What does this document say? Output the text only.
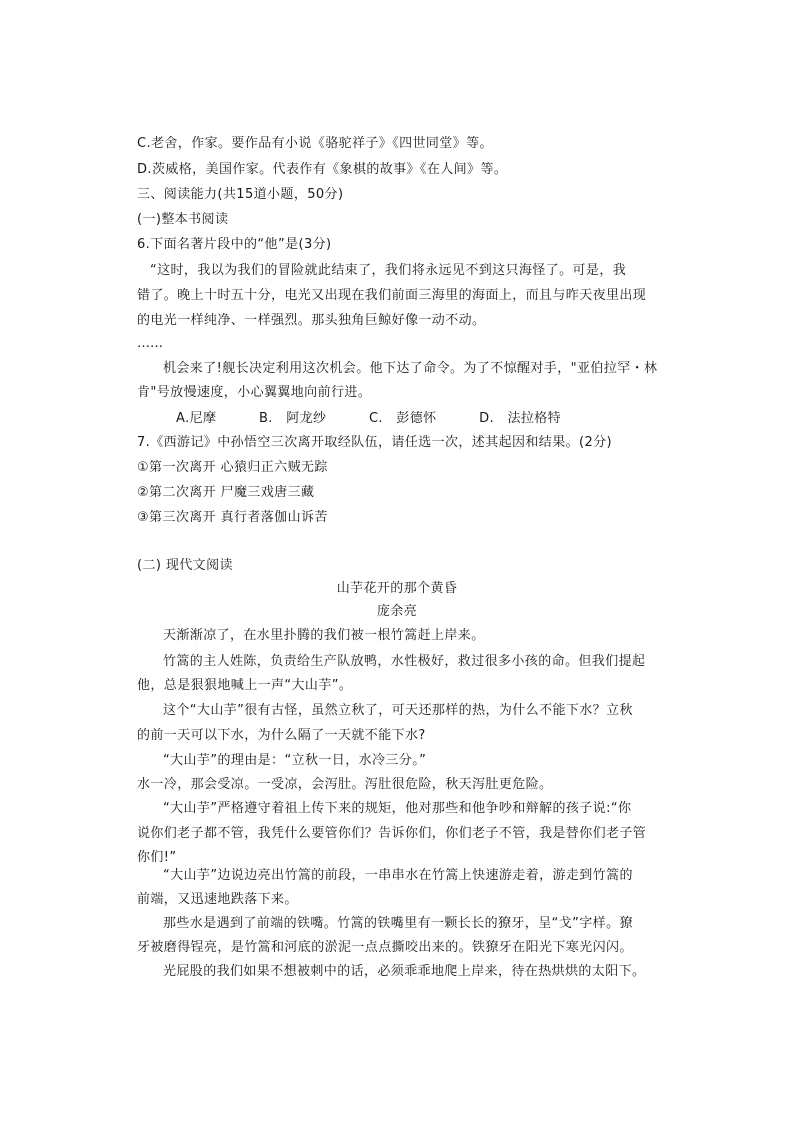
C.老舍，作家。要作品有小说《骆驼祥子》《四世同堂》等。
D.茨威格，美国作家。代表作有《象棋的故事》《在人间》等。
三、阅读能力(共15道小题，50分)
(一)整本书阅读
6.下面名著片段中的“他”是(3分)
“这时，我以为我们的冒险就此结束了，我们将永远见不到这只海怪了。可是，我
错了。晚上十时五十分，电光又出现在我们前面三海里的海面上，而且与昨天夜里出现
的电光一样纯净、一样强烈。那头独角巨鲸好像一动不动。
……
机会来了!舰长决定利用这次机会。他下达了命令。为了不惊醒对手，"亚伯拉罕・林
肯"号放慢速度，小心翼翼地向前行进。
A.尼摩	B.　阿龙纱	C.　彭德怀	D.　法拉格特
7.《西游记》中孙悟空三次离开取经队伍，请任选一次，述其起因和结果。(2分)
①第一次离开 心猿归正六贼无踪
②第二次离开 尸魔三戏唐三藏
③第三次离开 真行者落伽山诉苦
(二) 现代文阅读
山芋花开的那个黄昏
庞余亮
天渐渐凉了，在水里扑腾的我们被一根竹篙赶上岸来。
竹篙的主人姓陈，负责给生产队放鸭，水性极好，救过很多小孩的命。但我们提起
他，总是狠狠地喊上一声“大山芋”。
这个“大山芋”很有古怪，虽然立秋了，可天还那样的热，为什么不能下水？立秋
的前一天可以下水，为什么隔了一天就不能下水?
“大山芋”的理由是：“立秋一日，水冷三分。”
水一冷，那会受凉。一受凉，会泻肚。泻肚很危险，秋天泻肚更危险。
“大山芋”严格遵守着祖上传下来的规矩，他对那些和他争吵和辩解的孩子说:“你
说你们老子都不管，我凭什么要管你们？告诉你们，你们老子不管，我是替你们老子管
你们!”
“大山芋”边说边亮出竹篙的前段，一串串水在竹篙上快速游走着，游走到竹篙的
前端，又迅速地跌落下来。
那些水是遇到了前端的铁嘴。竹篙的铁嘴里有一颗长长的獠牙，呈“戈”字样。獠
牙被磨得锃亮，是竹篙和河底的淤泥一点点撕咬出来的。铁獠牙在阳光下寒光闪闪。
光屁股的我们如果不想被刺中的话，必须乖乖地爬上岸来，待在热烘烘的太阳下。
